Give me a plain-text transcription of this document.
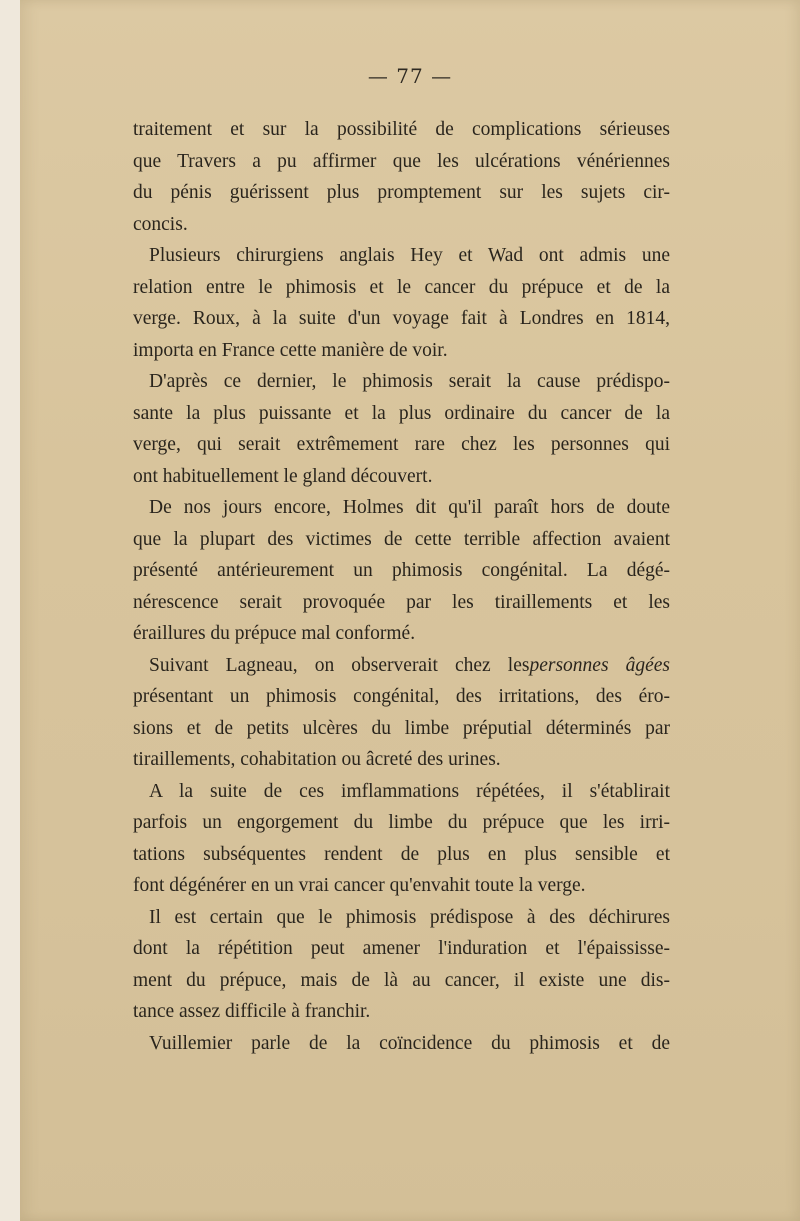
— 77 —
traitement et sur la possibilité de complications sérieuses
que Travers a pu affirmer que les ulcérations vénériennes
du pénis guérissent plus promptement sur les sujets cir-
concis.
Plusieurs chirurgiens anglais Hey et Wad ont admis une
relation entre le phimosis et le cancer du prépuce et de la
verge. Roux, à la suite d'un voyage fait à Londres en 1814,
importa en France cette manière de voir.
D'après ce dernier, le phimosis serait la cause prédispo-
sante la plus puissante et la plus ordinaire du cancer de la
verge, qui serait extrêmement rare chez les personnes qui
ont habituellement le gland découvert.
De nos jours encore, Holmes dit qu'il paraît hors de doute
que la plupart des victimes de cette terrible affection avaient
présenté antérieurement un phimosis congénital. La dégé-
nérescence serait provoquée par les tiraillements et les
éraillures du prépuce mal conformé.
Suivant Lagneau, on observerait chez lespersonnes âgées
présentant un phimosis congénital, des irritations, des éro-
sions et de petits ulcères du limbe préputial déterminés par
tiraillements, cohabitation ou âcreté des urines.
A la suite de ces imflammations répétées, il s'établirait
parfois un engorgement du limbe du prépuce que les irri-
tations subséquentes rendent de plus en plus sensible et
font dégénérer en un vrai cancer qu'envahit toute la verge.
Il est certain que le phimosis prédispose à des déchirures
dont la répétition peut amener l'induration et l'épaississe-
ment du prépuce, mais de là au cancer, il existe une dis-
tance assez difficile à franchir.
Vuillemier parle de la coïncidence du phimosis et de
